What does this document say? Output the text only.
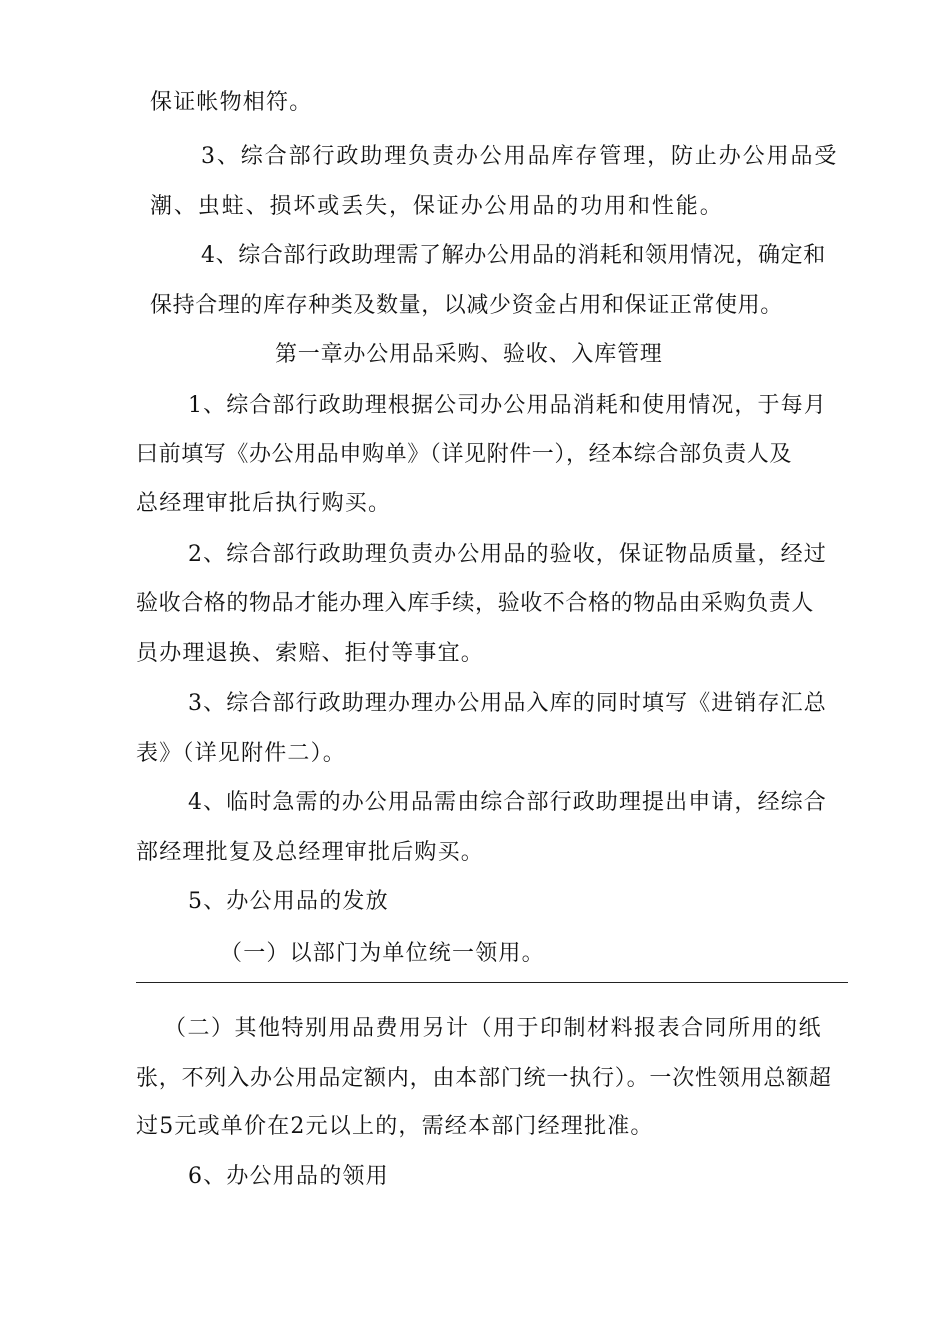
保证帐物相符。
3、综合部行政助理负责办公用品库存管理，防止办公用品受
潮、虫蛀、损坏或丢失，保证办公用品的功用和性能。
4、综合部行政助理需了解办公用品的消耗和领用情况，确定和
保持合理的库存种类及数量，以减少资金占用和保证正常使用。
第一章办公用品采购、验收、入库管理
1、综合部行政助理根据公司办公用品消耗和使用情况，于每月
曰前填写《办公用品申购单》（详见附件一），经本综合部负责人及
总经理审批后执行购买。
2、综合部行政助理负责办公用品的验收，保证物品质量，经过
验收合格的物品才能办理入库手续，验收不合格的物品由采购负责人
员办理退换、索赔、拒付等事宜。
3、综合部行政助理办理办公用品入库的同时填写《进销存汇总
表》（详见附件二）。
4、临时急需的办公用品需由综合部行政助理提出申请，经综合
部经理批复及总经理审批后购买。
5、办公用品的发放
（一）以部门为单位统一领用。
（二）其他特别用品费用另计（用于印制材料报表合同所用的纸
张，不列入办公用品定额内，由本部门统一执行）。一次性领用总额超
过5元或单价在2元以上的，需经本部门经理批准。
6、办公用品的领用
